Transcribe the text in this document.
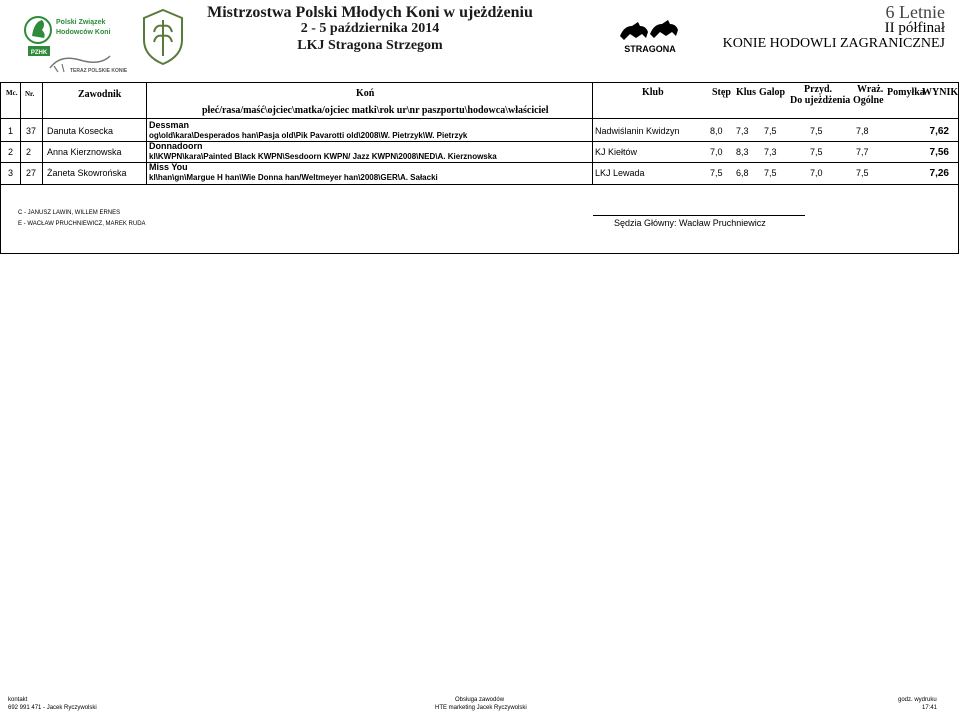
PZHK
Polski Związek
Hodowców Koni
TERAZ POLSKIE KONIE
Mistrzostwa Polski Młodych Koni w ujeżdżeniu
2 - 5 października 2014
LKJ Stragona Strzegom	STRAGONA
6 Letnie
II półfinał
KONIE HODOWLI ZAGRANICZNEJ
Mc. Nr.	Zawodnik	Koń
płeć/rasa/maść\ojciec\matka/ojciec matki\rok ur\nr paszportu\hodowca\właściciel
Klub	Stęp Klus Galop Przyd.
Do ujeżdżenia
Wraż.
Ogólne
Pomyłka
WYNIK
1 37 Danuta Kosecka
Dessman
og\old\kara\Desperados han\Pasja old\Pik Pavarotti old\2008\W. Pietrzyk\W. Pietrzyk	Nadwiślanin Kwidzyn	8,0 7,3 7,5	7,5	7,8	7,62
2 2 Anna Kierznowska
Donnadoorn
kl\KWPN\kara\Painted Black KWPN\Sesdoorn KWPN/ Jazz KWPN\2008\NED\A. Kierznowska	KJ Kiełtów	7,0 8,3 7,3	7,5	7,7	7,56
3 27 Żaneta Skowrońska
Miss You
kl\han\gn\Margue H han\Wie Donna han/Weltmeyer han\2008\GER\A. Sałacki	LKJ Lewada	7,5 6,8 7,5	7,0	7,5	7,26
C - JANUSZ LAWIN, WILLEM ERNES
E - WACŁAW PRUCHNIEWICZ, MAREK RUDA	Sędzia Główny: Wacław Pruchniewicz
kontakt
692 991 471 - Jacek Ryczywolski
Obsługa zawodów
HTE marketing Jacek Ryczywolski
godz. wydruku
17:41
